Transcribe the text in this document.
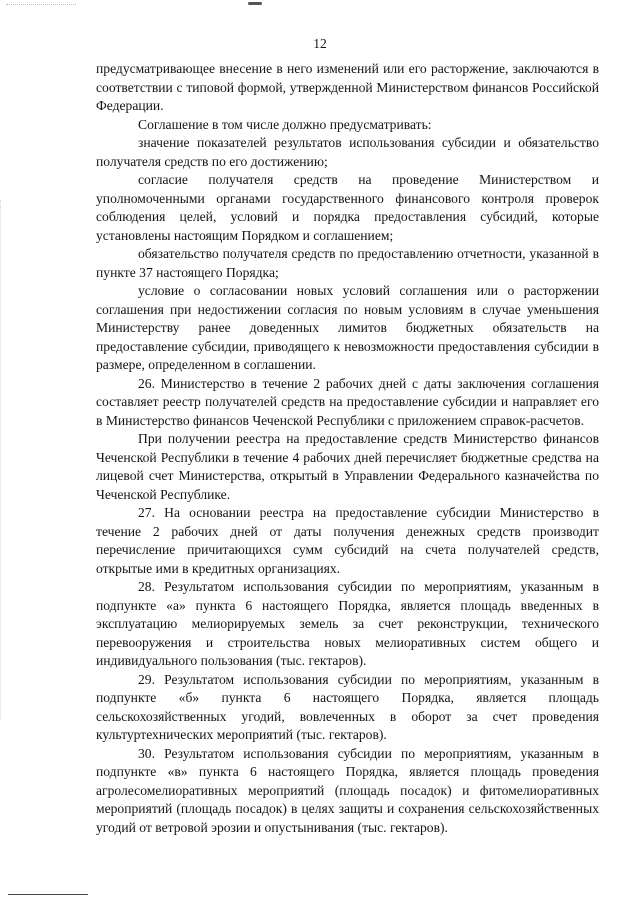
12

предусматривающее внесение в него изменений или его расторжение, заключаются в соответствии с типовой формой, утвержденной Министерством финансов Российской Федерации.

Соглашение в том числе должно предусматривать:

значение показателей результатов использования субсидии и обязательство получателя средств по его достижению;

согласие получателя средств на проведение Министерством и уполномоченными органами государственного финансового контроля проверок соблюдения целей, условий и порядка предоставления субсидий, которые установлены настоящим Порядком и соглашением;

обязательство получателя средств по предоставлению отчетности, указанной в пункте 37 настоящего Порядка;

условие о согласовании новых условий соглашения или о расторжении соглашения при недостижении согласия по новым условиям в случае уменьшения Министерству ранее доведенных лимитов бюджетных обязательств на предоставление субсидии, приводящего к невозможности предоставления субсидии в размере, определенном в соглашении.

26. Министерство в течение 2 рабочих дней с даты заключения соглашения составляет реестр получателей средств на предоставление субсидии и направляет его в Министерство финансов Чеченской Республики с приложением справок-расчетов.

При получении реестра на предоставление средств Министерство финансов Чеченской Республики в течение 4 рабочих дней перечисляет бюджетные средства на лицевой счет Министерства, открытый в Управлении Федерального казначейства по Чеченской Республике.

27. На основании реестра на предоставление субсидии Министерство в течение 2 рабочих дней от даты получения денежных средств производит перечисление причитающихся сумм субсидий на счета получателей средств, открытые ими в кредитных организациях.

28. Результатом использования субсидии по мероприятиям, указанным в подпункте «а» пункта 6 настоящего Порядка, является площадь введенных в эксплуатацию мелиорируемых земель за счет реконструкции, технического перевооружения и строительства новых мелиоративных систем общего и индивидуального пользования (тыс. гектаров).

29. Результатом использования субсидии по мероприятиям, указанным в подпункте «б» пункта 6 настоящего Порядка, является площадь сельскохозяйственных угодий, вовлеченных в оборот за счет проведения культуртехнических мероприятий (тыс. гектаров).

30. Результатом использования субсидии по мероприятиям, указанным в подпункте «в» пункта 6 настоящего Порядка, является площадь проведения агролесомелиоративных мероприятий (площадь посадок) и фитомелиоративных мероприятий (площадь посадок) в целях защиты и сохранения сельскохозяйственных угодий от ветровой эрозии и опустынивания (тыс. гектаров).
